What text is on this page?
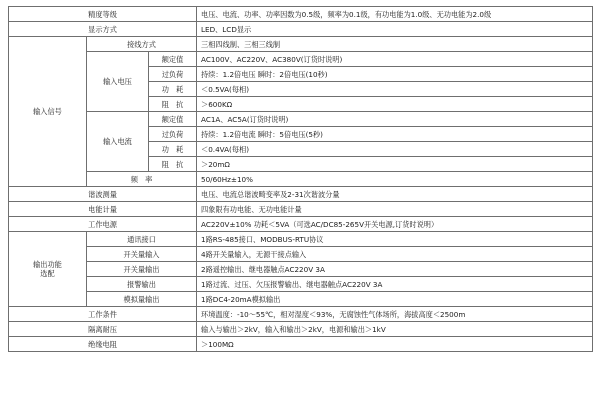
精度等级			电压、电流、功率、功率因数为0.5级，频率为0.1级，有功电能为1.0级、无功电能为2.0级
显示方式			LED、LCD显示
输入信号	接线方式		三相四线制、三相三线制
	输入电压	额定值	AC100V、AC220V、AC380V(订货时说明)
		过负荷	持续：1.2倍电压 瞬时：2倍电压(10秒)
		功　耗	＜0.5VA(每相)
		阻　抗	＞600KΩ
	输入电流	额定值	AC1A、AC5A(订货时说明)
		过负荷	持续：1.2倍电流 瞬时：5倍电压(5秒)
		功　耗	＜0.4VA(每相)
		阻　抗	＞20mΩ
	频　率		50/60Hz±10%
谐波测量			电压、电流总谐波畸变率及2-31次谐波分量
电能计量			四象限有功电能、无功电能计量
工作电源			AC220V±10% 功耗＜5VA（可选AC/DC85-265V开关电源,订货时说明）
输出功能
选配	通讯接口		1路RS-485接口、MODBUS-RTU协议
	开关量输入		4路开关量输入，无源干接点输入
	开关量输出		2路遥控输出、继电器触点AC220V 3A
	报警输出		1路过流、过压、欠压报警输出、继电器触点AC220V 3A
	模拟量输出		1路DC4-20mA模拟输出
工作条件			环境温度：-10～55℃，相对湿度＜93%，无腐蚀性气体场所，海拔高度＜2500m
隔离耐压			输入与输出＞2kV，输入和输出＞2kV，电源和输出＞1kV
绝缘电阻			＞100MΩ
